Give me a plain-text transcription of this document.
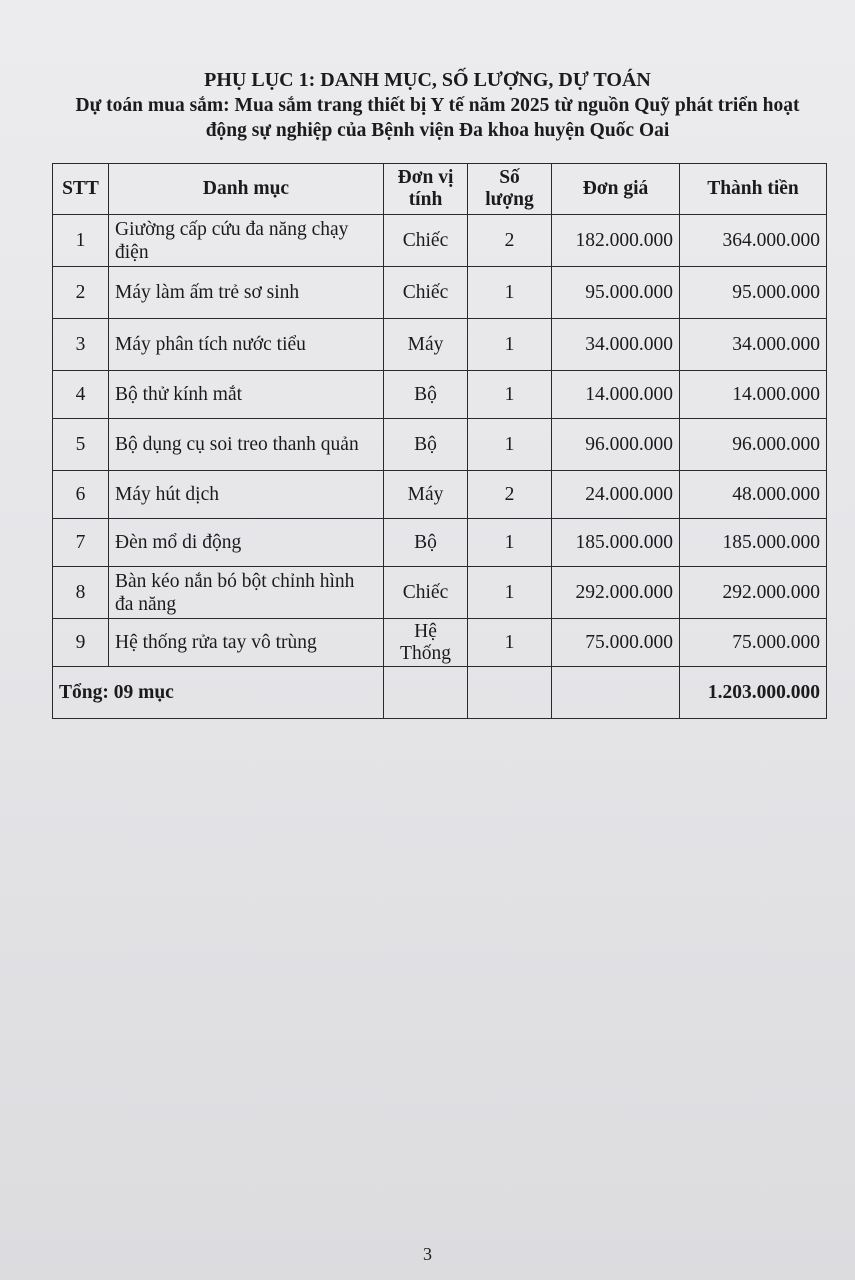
PHỤ LỤC 1: DANH MỤC, SỐ LƯỢNG, DỰ TOÁN
Dự toán mua sắm: Mua sắm trang thiết bị Y tế năm 2025 từ nguồn Quỹ phát triển hoạt động sự nghiệp của Bệnh viện Đa khoa huyện Quốc Oai
STT	Danh mục	Đơn vị tính	Số lượng	Đơn giá	Thành tiền
1	Giường cấp cứu đa năng chạy điện	Chiếc	2	182.000.000	364.000.000
2	Máy làm ấm trẻ sơ sinh	Chiếc	1	95.000.000	95.000.000
3	Máy phân tích nước tiểu	Máy	1	34.000.000	34.000.000
4	Bộ thử kính mắt	Bộ	1	14.000.000	14.000.000
5	Bộ dụng cụ soi treo thanh quản	Bộ	1	96.000.000	96.000.000
6	Máy hút dịch	Máy	2	24.000.000	48.000.000
7	Đèn mổ di động	Bộ	1	185.000.000	185.000.000
8	Bàn kéo nắn bó bột chỉnh hình đa năng	Chiếc	1	292.000.000	292.000.000
9	Hệ thống rửa tay vô trùng	Hệ Thống	1	75.000.000	75.000.000
Tổng: 09 mục					1.203.000.000
3
